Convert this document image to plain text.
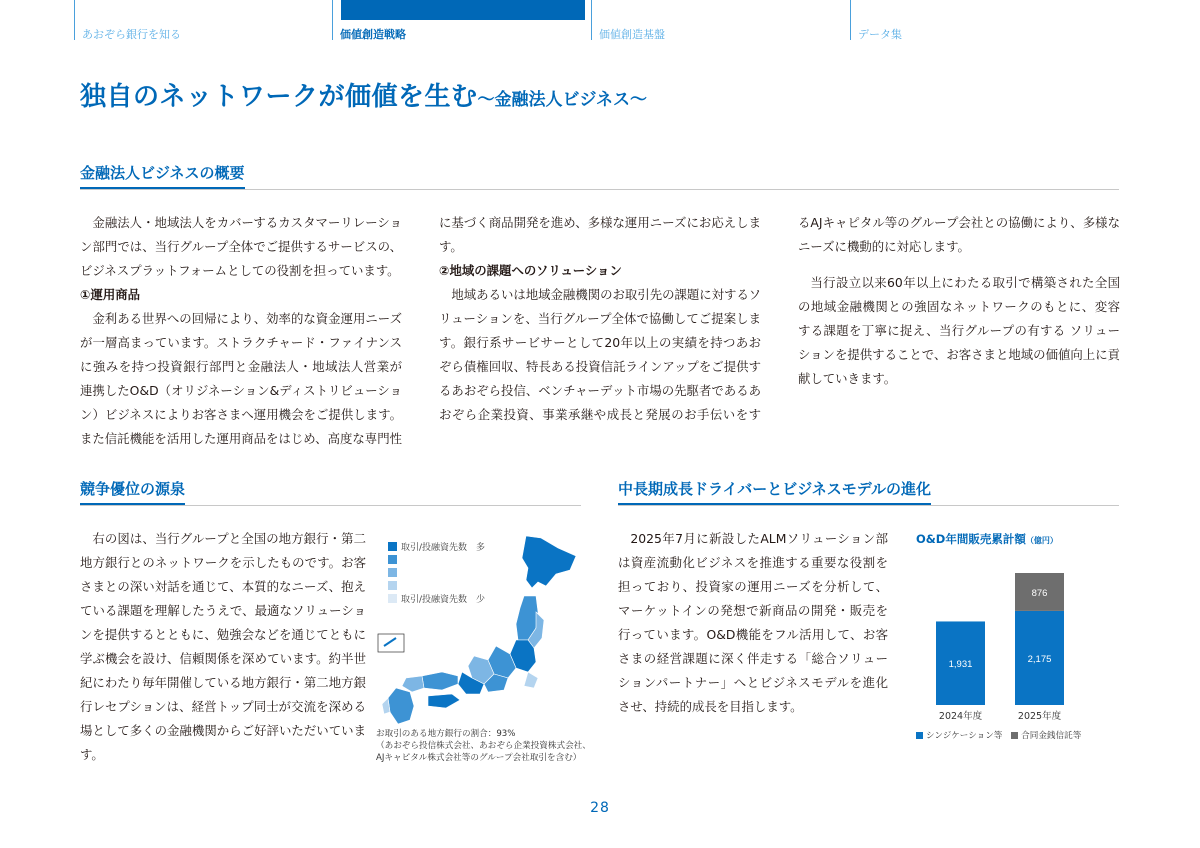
あおぞら銀行を知る	価値創造戦略	価値創造基盤	データ集
独自のネットワークが価値を生む～金融法人ビジネス～
金融法人ビジネスの概要

金融法人・地域法人をカバーするカスタマーリレーション部門では、当行グループ全体でご提供するサービスの、ビジネスプラットフォームとしての役割を担っています。

①運用商品

金利ある世界への回帰により、効率的な資金運用ニーズが一層高まっています。ストラクチャード・ファイナンスに強みを持つ投資銀行部門と金融法人・地域法人営業が連携したO&D（オリジネーション&ディストリビューション）ビジネスによりお客さまへ運用機会をご提供します。また信託機能を活用した運用商品をはじめ、高度な専門性に基づく商品開発を進め、多様な運用ニーズにお応えします。

②地域の課題へのソリューション

地域あるいは地域金融機関のお取引先の課題に対するソリューションを、当行グループ全体で協働してご提案します。銀行系サービサーとして20年以上の実績を持つあおぞら債権回収、特長ある投資信託ラインアップをご提供するあおぞら投信、ベンチャーデット市場の先駆者であるあおぞら企業投資、事業承継や成長と発展のお手伝いをするAJキャピタル等のグループ会社との協働により、多様なニーズに機動的に対応します。

当行設立以来60年以上にわたる取引で構築された全国の地域金融機関との強固なネットワークのもとに、変容する課題を丁寧に捉え、当行グループの有する ソリューションを提供することで、お客さまと地域の価値向上に貢献していきます。

競争優位の源泉

右の図は、当行グループと全国の地方銀行・第二地方銀行とのネットワークを示したものです。お客さまとの深い対話を通じて、本質的なニーズ、抱えている課題を理解したうえで、最適なソリューションを提供するとともに、勉強会などを通じてともに学ぶ機会を設け、信頼関係を深めています。約半世紀にわたり毎年開催している地方銀行・第二地方銀行レセプションは、経営トップ同士が交流を深める場として多くの金融機関からご好評いただいています。

取引/投融資先数　多
取引/投融資先数　少
お取引のある地方銀行の割合：93%
（あおぞら投信株式会社、あおぞら企業投資株式会社、
AJキャピタル株式会社等のグループ会社取引を含む）
中長期成長ドライバーとビジネスモデルの進化

2025年7月に新設したALMソリューション部は資産流動化ビジネスを推進する重要な役割を担っており、投資家の運用ニーズを分析して、マーケットインの発想で新商品の開発・販売を行っています。O&D機能をフル活用して、お客さまの経営課題に深く伴走する「総合ソリューションパートナー」へとビジネスモデルを進化させ、持続的成長を目指します。

O&D年間販売累計額（億円）
1,931
2024年度
2,175
876
2025年度
シンジケーション等 合同金銭信託等
28
